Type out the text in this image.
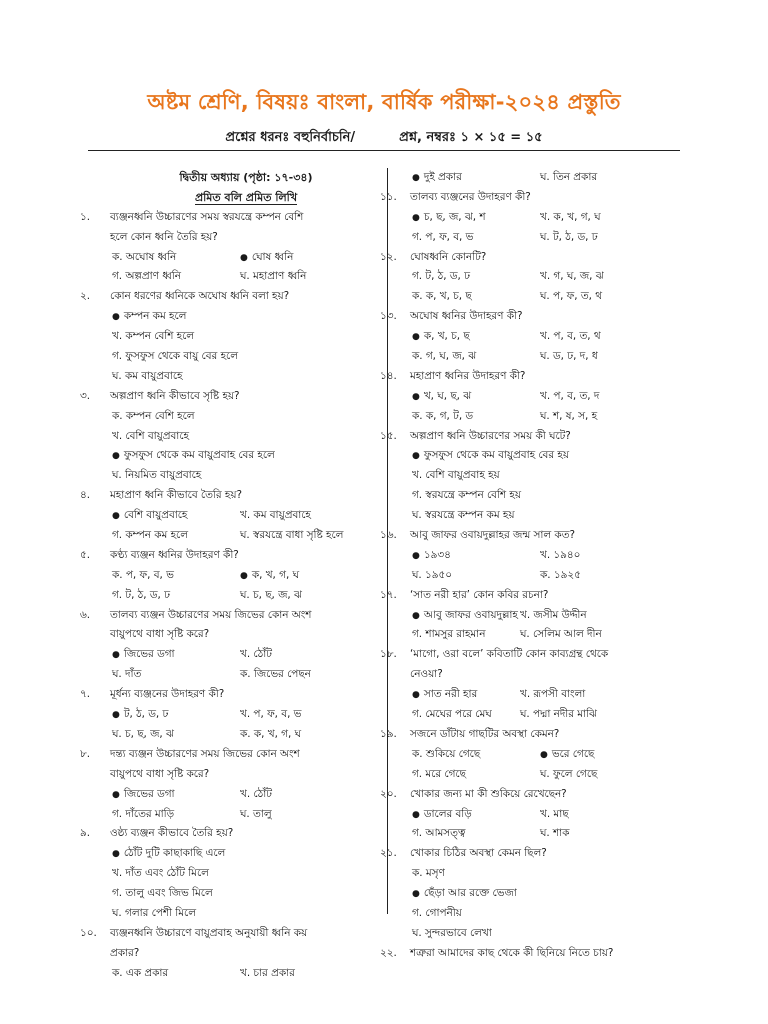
অষ্টম শ্রেণি, বিষয়ঃ বাংলা, বার্ষিক পরীক্ষা-২০২৪ প্রস্তুতি
প্রশ্নের ধরনঃ বহুনির্বাচনি/	প্রশ্ন, নম্বরঃ ১ × ১৫ = ১৫
দ্বিতীয় অধ্যায় (পৃষ্ঠা: ১৭-৩৪)
প্রমিত বলি প্রমিত লিখি
১.	ব্যঞ্জনধ্বনি উচ্চারণের সময় স্বরযন্ত্রে কম্পন বেশি
হলে কোন ধ্বনি তৈরি হয়?
ক. অঘোষ ধ্বনি	● ঘোষ ধ্বনি
গ. অল্পপ্রাণ ধ্বনি	ঘ. মহাপ্রাণ ধ্বনি
২.	কোন ধরণের ধ্বনিকে অঘোষ ধ্বনি বলা হয়?
● কম্পন কম হলে
খ. কম্পন বেশি হলে
গ. ফুসফুস থেকে বায়ু বের হলে
ঘ. কম বায়ুপ্রবাহে
৩.	অল্পপ্রাণ ধ্বনি কীভাবে সৃষ্টি হয়?
ক. কম্পন বেশি হলে
খ. বেশি বায়ুপ্রবাহে
● ফুসফুস থেকে কম বায়ুপ্রবাহ বের হলে
ঘ. নিয়মিত বায়ুপ্রবাহে
৪.	মহাপ্রাণ ধ্বনি কীভাবে তৈরি হয়?
● বেশি বায়ুপ্রবাহে	খ. কম বায়ুপ্রবাহে
গ. কম্পন কম হলে	ঘ. স্বরযন্ত্রে বাধা সৃষ্টি হলে
৫.	কণ্ঠ্য ব্যঞ্জন ধ্বনির উদাহরণ কী?
ক. প, ফ, ব, ভ	● ক, খ, গ, ঘ
গ. ট, ঠ, ড, ঢ	ঘ. চ, ছ, জ, ঝ
৬.	তালব্য ব্যঞ্জন উচ্চারণের সময় জিভের কোন অংশ
বায়ুপথে বাধা সৃষ্টি করে?
● জিভের ডগা	খ. ঠোঁট
ঘ. দাঁত	ক. জিভের পেছন
৭.	মূর্ধন্য ব্যঞ্জনের উদাহরণ কী?
● ট, ঠ, ড, ঢ	খ. প, ফ, ব, ভ
ঘ. চ, ছ, জ, ঝ	ক. ক, খ, গ, ঘ
৮.	দন্ত্য ব্যঞ্জন উচ্চারণের সময় জিভের কোন অংশ
বায়ুপথে বাধা সৃষ্টি করে?
● জিভের ডগা	খ. ঠোঁট
গ. দাঁতের মাড়ি	ঘ. তালু
৯.	ওষ্ঠ্য ব্যঞ্জন কীভাবে তৈরি হয়?
● ঠোঁট দুটি কাছাকাছি এলে
খ. দাঁত এবং ঠোঁট মিলে
গ. তালু এবং জিভ মিলে
ঘ. গলার পেশী মিলে
১০.	ব্যঞ্জনধ্বনি উচ্চারণে বায়ুপ্রবাহ অনুযায়ী ধ্বনি কয়
প্রকার?
ক. এক প্রকার	খ. চার প্রকার
● দুই প্রকার	ঘ. তিন প্রকার
১১.	তালব্য ব্যঞ্জনের উদাহরণ কী?
● চ, ছ, জ, ঝ, শ	খ. ক, খ, গ, ঘ
গ. প, ফ, ব, ভ	ঘ. ট, ঠ, ড, ঢ
১২.	ঘোষধ্বনি কোনটি?
গ. ট, ঠ, ড, ঢ	খ. গ, ঘ, জ, ঝ
ক. ক, খ, চ, ছ	ঘ. প, ফ, ত, থ
১৩.	অঘোষ ধ্বনির উদাহরণ কী?
● ক, খ, চ, ছ	খ. প, ব, ত, থ
ক. গ, ঘ, জ, ঝ	ঘ. ড, ঢ, দ, ধ
১৪.	মহাপ্রাণ ধ্বনির উদাহরণ কী?
● খ, ঘ, ছ, ঝ	খ. প, ব, ত, দ
ক. ক, গ, ট, ড	ঘ. শ, ষ, স, হ
১৫.	অল্পপ্রাণ ধ্বনি উচ্চারণের সময় কী ঘটে?
● ফুসফুস থেকে কম বায়ুপ্রবাহ বের হয়
খ. বেশি বায়ুপ্রবাহ হয়
গ. স্বরযন্ত্রে কম্পন বেশি হয়
ঘ. স্বরযন্ত্রে কম্পন কম হয়
১৬.	আবু জাফর ওবায়দুল্লাহর জন্ম সাল কত?
● ১৯৩৪	খ. ১৯৪০
ঘ. ১৯৫০	ক. ১৯২৫
১৭.	‘সাত নরী হার’ কোন কবির রচনা?
● আবু জাফর ওবায়দুল্লাহ খ. জসীম উদ্দীন
গ. শামসুর রাহমান	ঘ. সেলিম আল দীন
১৮.	‘মাগো, ওরা বলে’ কবিতাটি কোন কাব্যগ্রন্থ থেকে
নেওয়া?
● সাত নরী হার	খ. রূপসী বাংলা
গ. মেঘের পরে মেঘ	ঘ. পদ্মা নদীর মাঝি
১৯.	সজনে ডাঁটায় গাছটির অবস্থা কেমন?
ক. শুকিয়ে গেছে	● ভরে গেছে
গ. মরে গেছে	ঘ. ফুলে গেছে
২০.	খোকার জন্য মা কী শুকিয়ে রেখেছেন?
● ডালের বড়ি	খ. মাছ
গ. আমসত্ত্ব	ঘ. শাক
২১.	খোকার চিঠির অবস্থা কেমন ছিল?
ক. মসৃণ
● ছেঁড়া আর রক্তে ভেজা
গ. গোপনীয়
ঘ. সুন্দরভাবে লেখা
২২.	শত্রুরা আমাদের কাছ থেকে কী ছিনিয়ে নিতে চায়?
